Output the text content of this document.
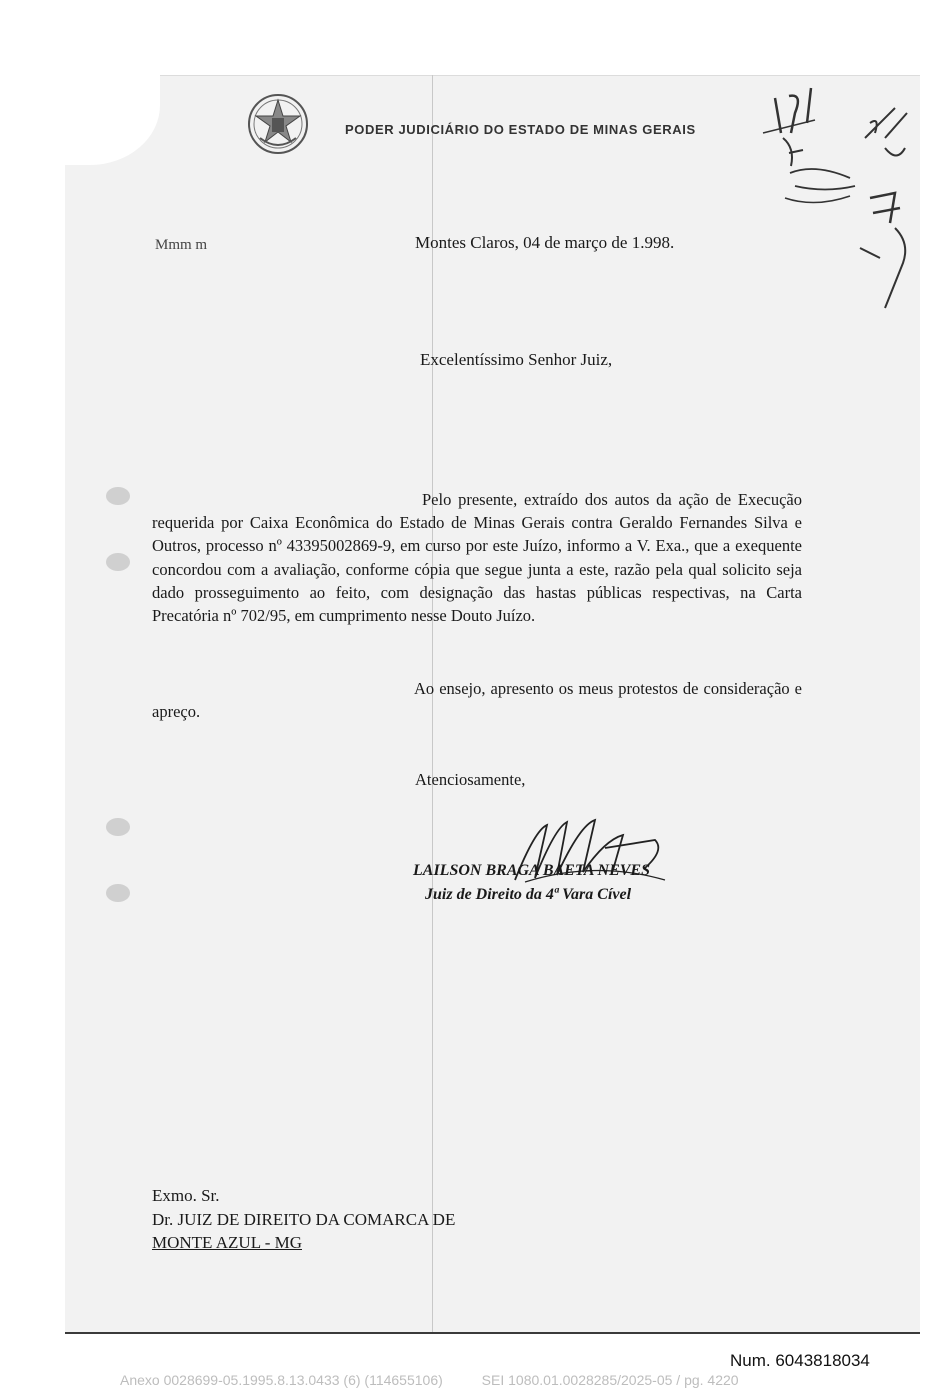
PODER JUDICIÁRIO DO ESTADO DE MINAS GERAIS
Mmm m	Montes Claros, 04 de março de 1.998.
Excelentíssimo Senhor Juiz,
Pelo presente, extraído dos autos da ação de Execução requerida por Caixa Econômica do Estado de Minas Gerais contra Geraldo Fernandes Silva e Outros, processo nº 43395002869-9, em curso por este Juízo, informo a V. Exa., que a exequente concordou com a avaliação, conforme cópia que segue junta a este, razão pela qual solicito seja dado prosseguimento ao feito, com designação das hastas públicas respectivas, na Carta Precatória nº 702/95, em cumprimento nesse Douto Juízo.
Ao ensejo, apresento os meus protestos de consideração e apreço.
Atenciosamente,
LAILSON BRAGA BAETA NEVES
Juiz de Direito da 4ª Vara Cível
Exmo. Sr.
Dr. JUIZ DE DIREITO DA COMARCA DE
MONTE AZUL - MG
Num. 6043818034
Anexo 0028699-05.1995.8.13.0433 (6) (114655106)          SEI 1080.01.0028285/2025-05 / pg. 4220
